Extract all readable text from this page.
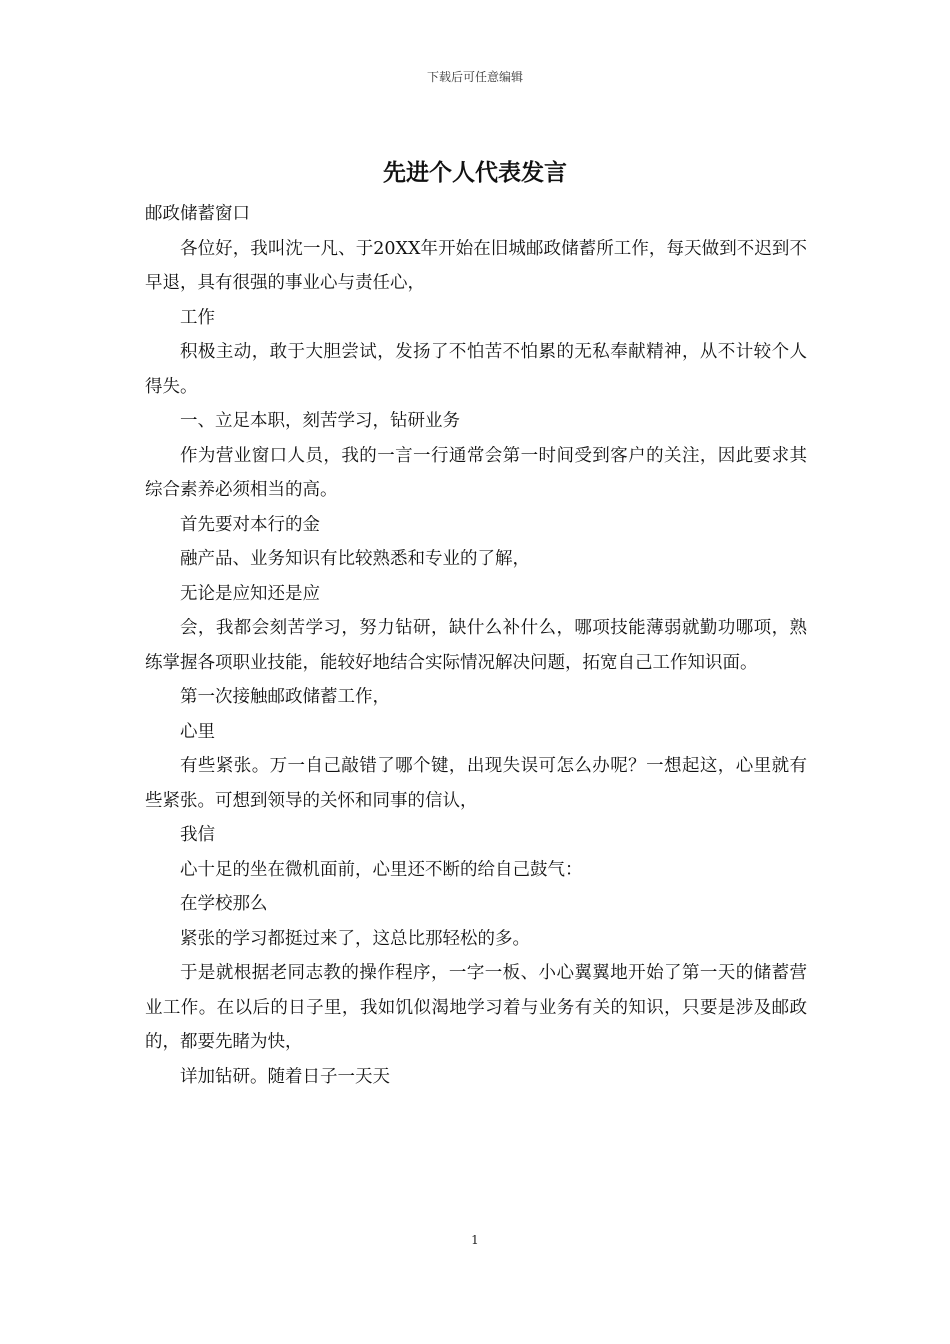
下载后可任意编辑
先进个人代表发言

邮政储蓄窗口

各位好，我叫沈一凡、于20XX年开始在旧城邮政储蓄所工作，每天做到不迟到不早退，具有很强的事业心与责任心，

工作

积极主动，敢于大胆尝试，发扬了不怕苦不怕累的无私奉献精神，从不计较个人得失。

一、立足本职，刻苦学习，钻研业务

作为营业窗口人员，我的一言一行通常会第一时间受到客户的关注，因此要求其综合素养必须相当的高。

首先要对本行的金

融产品、业务知识有比较熟悉和专业的了解，

无论是应知还是应

会，我都会刻苦学习，努力钻研，缺什么补什么，哪项技能薄弱就勤功哪项，熟练掌握各项职业技能，能较好地结合实际情况解决问题，拓宽自己工作知识面。

第一次接触邮政储蓄工作，

心里

有些紧张。万一自己敲错了哪个键，出现失误可怎么办呢？一想起这，心里就有些紧张。可想到领导的关怀和同事的信认，

我信

心十足的坐在微机面前，心里还不断的给自己鼓气：

在学校那么

紧张的学习都挺过来了，这总比那轻松的多。

于是就根据老同志教的操作程序，一字一板、小心翼翼地开始了第一天的储蓄营业工作。在以后的日子里，我如饥似渴地学习着与业务有关的知识，只要是涉及邮政的，都要先睹为快，

详加钻研。随着日子一天天

1
